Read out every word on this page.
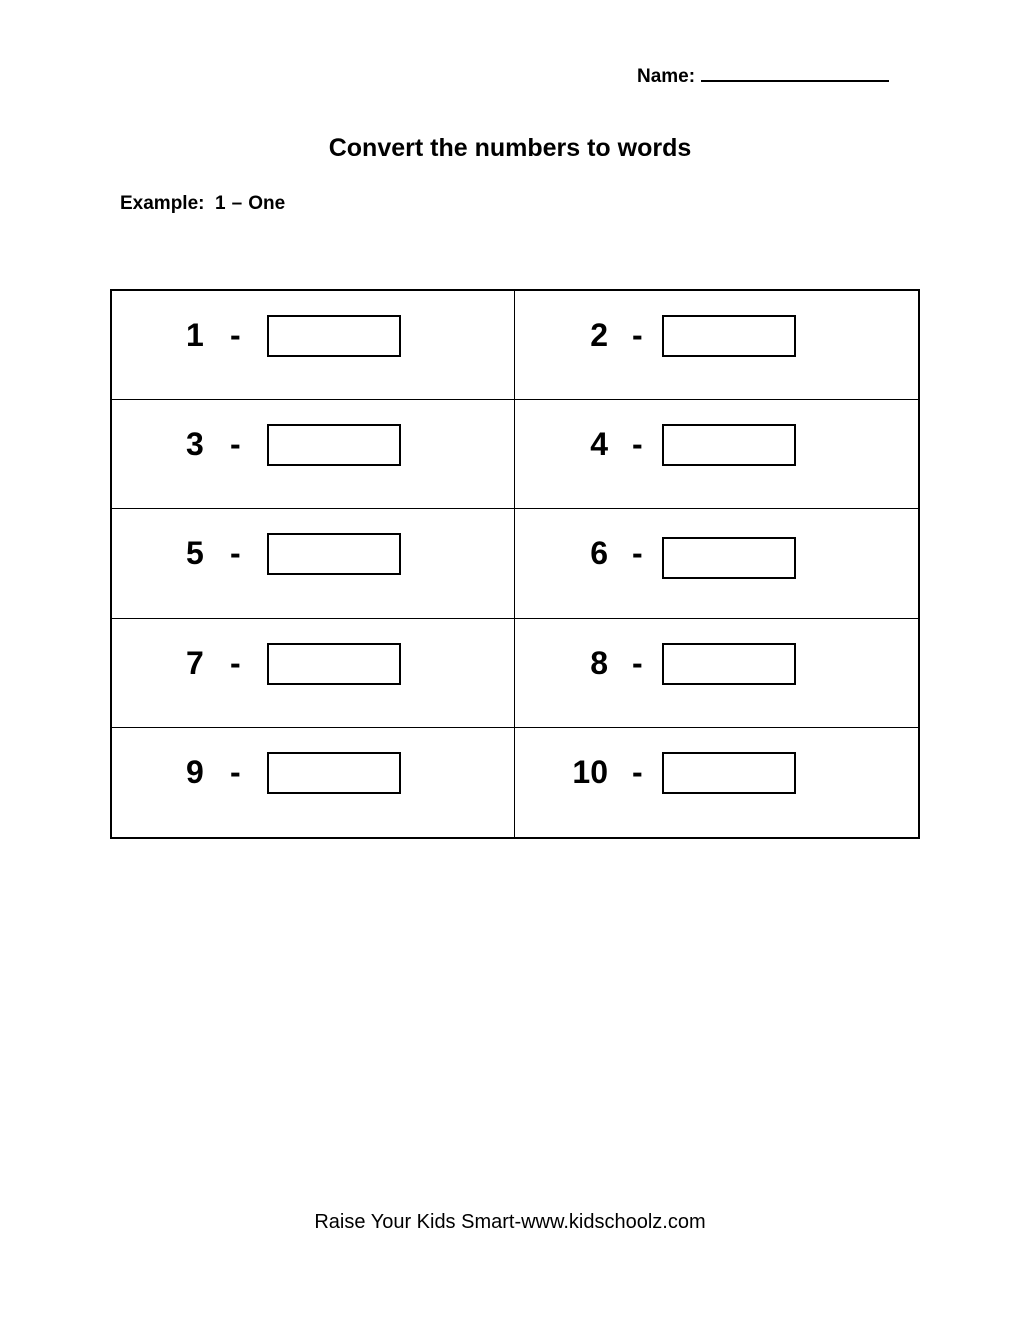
Name:
Convert the numbers to words
Example: 1 – One
1 -	2 -
3 -	4 -
5 -	6 -
7 -	8 -
9 -	10 -
Raise Your Kids Smart-www.kidschoolz.com
